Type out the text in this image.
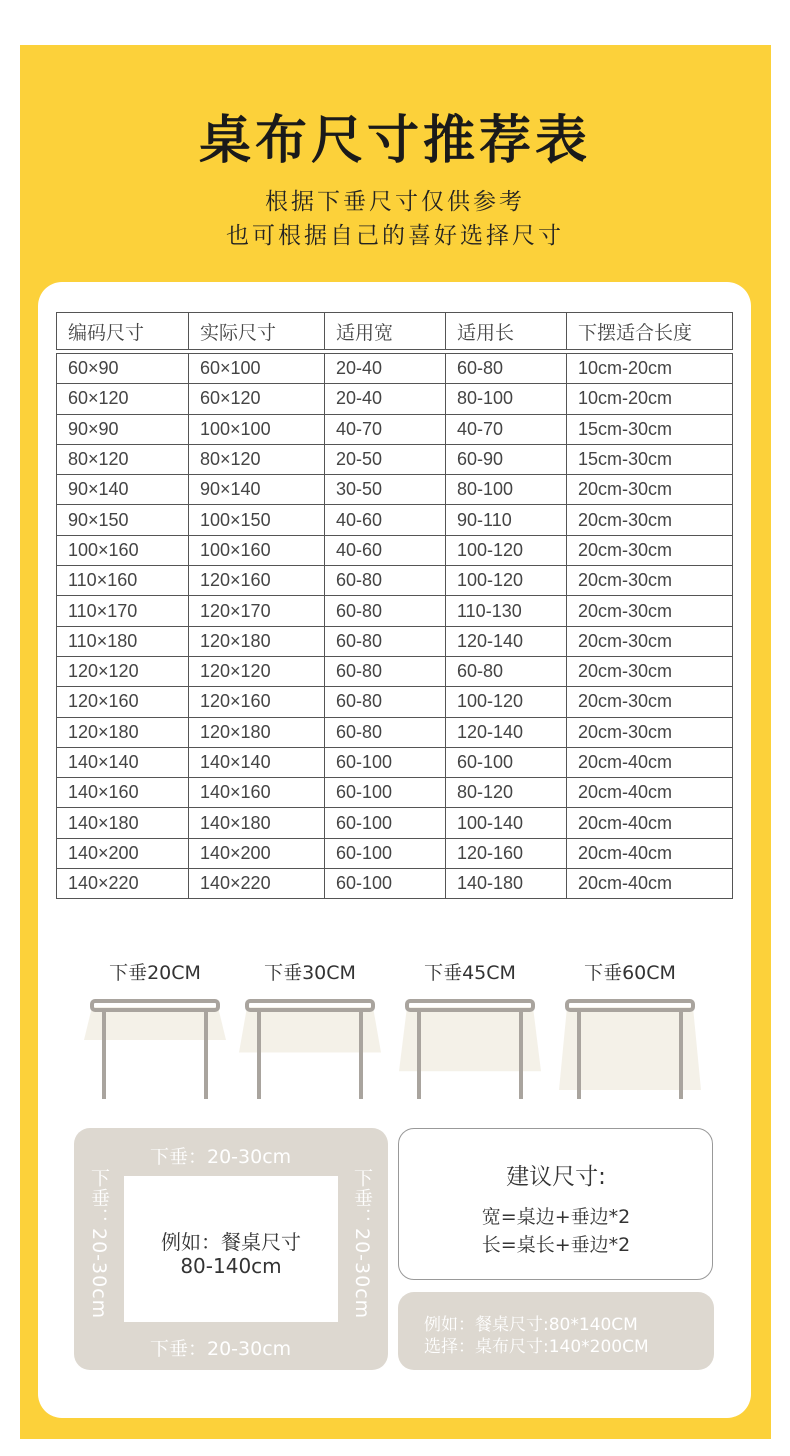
桌布尺寸推荐表
根据下垂尺寸仅供参考
也可根据自己的喜好选择尺寸
编码尺寸	实际尺寸	适用宽	适用长	下摆适合长度

60×90	60×100	20-40	60-80	10cm-20cm
60×120	60×120	20-40	80-100	10cm-20cm
90×90	100×100	40-70	40-70	15cm-30cm
80×120	80×120	20-50	60-90	15cm-30cm
90×140	90×140	30-50	80-100	20cm-30cm
90×150	100×150	40-60	90-110	20cm-30cm
100×160	100×160	40-60	100-120	20cm-30cm
110×160	120×160	60-80	100-120	20cm-30cm
110×170	120×170	60-80	110-130	20cm-30cm
110×180	120×180	60-80	120-140	20cm-30cm
120×120	120×120	60-80	60-80	20cm-30cm
120×160	120×160	60-80	100-120	20cm-30cm
120×180	120×180	60-80	120-140	20cm-30cm
140×140	140×140	60-100	60-100	20cm-40cm
140×160	140×160	60-100	80-120	20cm-40cm
140×180	140×180	60-100	100-140	20cm-40cm
140×200	140×200	60-100	120-160	20cm-40cm
140×220	140×220	60-100	140-180	20cm-40cm
下垂20CM	下垂30CM	下垂45CM	下垂60CM
下垂：20-30cm
下垂：20-30cm
下垂：20-30cm	下垂：20-30cm
例如：餐桌尺寸
80-140cm
建议尺寸:
宽=桌边+垂边*2
长=桌长+垂边*2
例如：餐桌尺寸:80*140CM
选择：桌布尺寸:140*200CM
